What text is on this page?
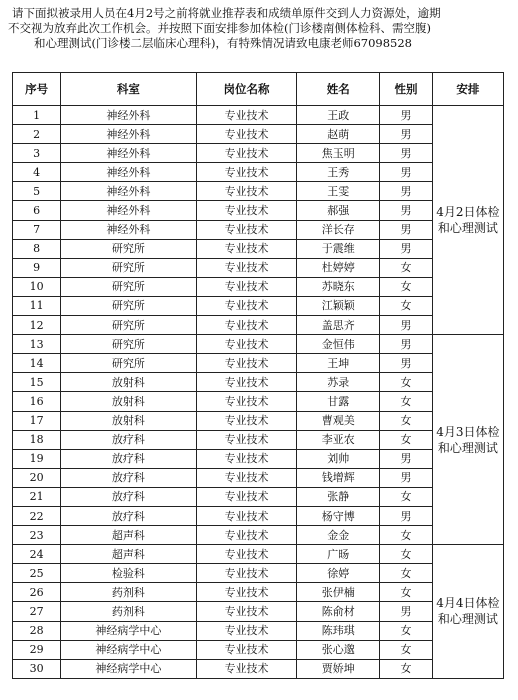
请下面拟被录用人员在4月2号之前将就业推荐表和成绩单原件交到人力资源处，逾期
不交视为放弃此次工作机会。并按照下面安排参加体检(门诊楼南侧体检科、需空腹)
和心理测试(门诊楼二层临床心理科)，有特殊情况请致电康老师67098528
序号	科室	岗位名称	姓名	性别	安排
1	神经外科	专业技术	王政	男	4月2日体检和心理测试
2	神经外科	专业技术	赵萌	男	
3	神经外科	专业技术	焦玉明	男	
4	神经外科	专业技术	王秀	男	
5	神经外科	专业技术	王雯	男	
6	神经外科	专业技术	郝强	男	
7	神经外科	专业技术	洋长存	男	
8	研究所	专业技术	于震维	男	
9	研究所	专业技术	杜婷婷	女	
10	研究所	专业技术	苏晓东	女	
11	研究所	专业技术	江颖颖	女	
12	研究所	专业技术	盖思齐	男	
13	研究所	专业技术	金恒伟	男	4月3日体检和心理测试
14	研究所	专业技术	王坤	男	
15	放射科	专业技术	苏录	女	
16	放射科	专业技术	甘露	女	
17	放射科	专业技术	曹观美	女	
18	放疗科	专业技术	李亚农	女	
19	放疗科	专业技术	刘帅	男	
20	放疗科	专业技术	钱增辉	男	
21	放疗科	专业技术	张静	女	
22	放疗科	专业技术	杨守博	男	
23	超声科	专业技术	金金	女	
24	超声科	专业技术	广旸	女	4月4日体检和心理测试
25	检验科	专业技术	徐婷	女	
26	药剂科	专业技术	张伊楠	女	
27	药剂科	专业技术	陈俞材	男	
28	神经病学中心	专业技术	陈玮琪	女	
29	神经病学中心	专业技术	张心邈	女	
30	神经病学中心	专业技术	贾娇坤	女	
